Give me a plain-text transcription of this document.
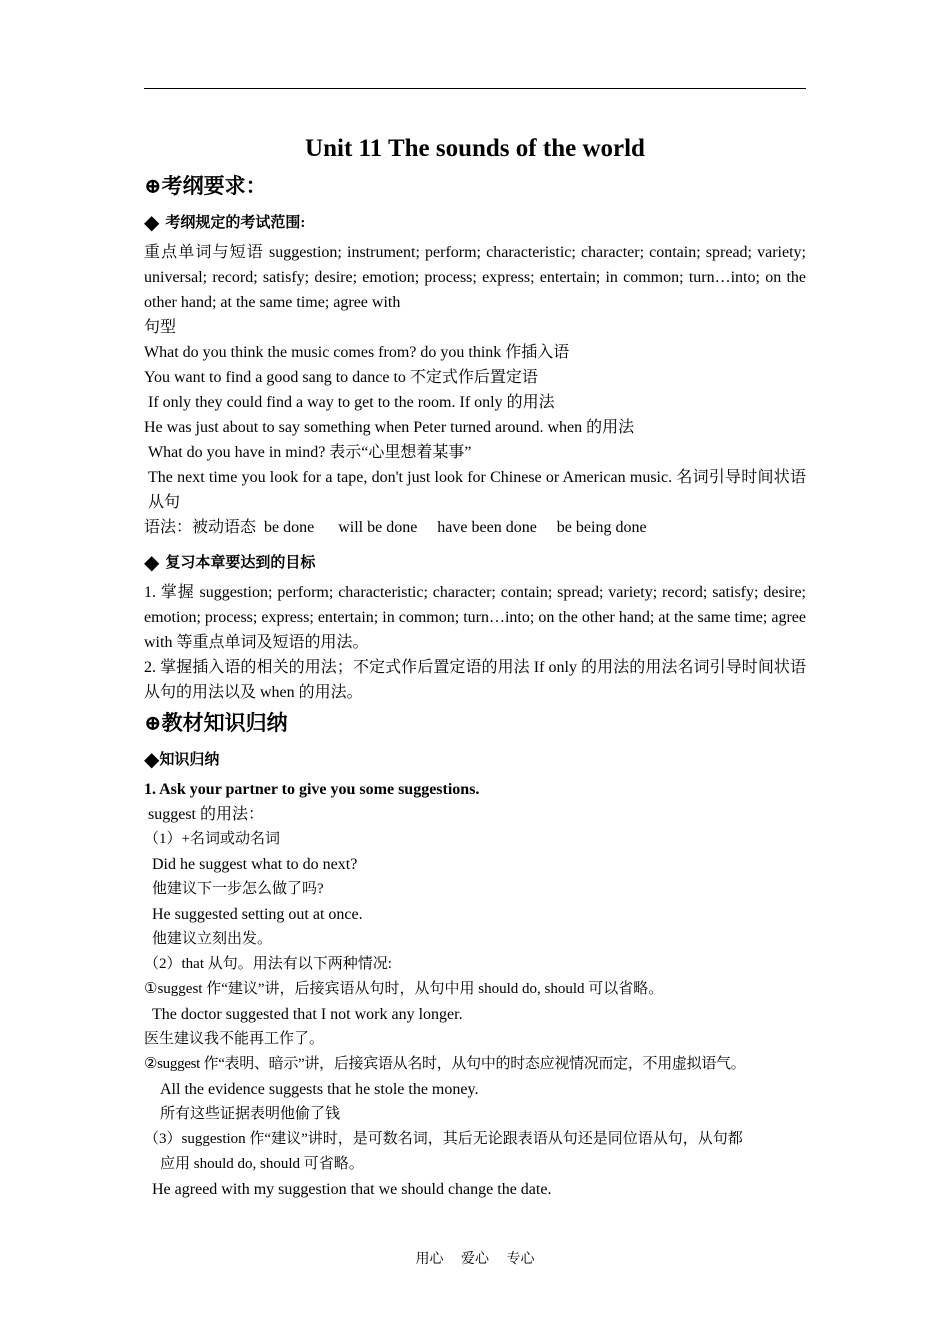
Unit 11 The sounds of the world
⊕考纲要求：
◆ 考纲规定的考试范围:

重点单词与短语 suggestion; instrument; perform; characteristic; character; contain; spread; variety; universal; record; satisfy; desire; emotion; process; express; entertain; in common; turn…into; on the other hand; at the same time; agree with

句型

What do you think the music comes from? do you think 作插入语

You want to find a good sang to dance to 不定式作后置定语

If only they could find a way to get to the room. If only 的用法

He was just about to say something when Peter turned around. when 的用法

What do you have in mind? 表示“心里想着某事”

The next time you look for a tape, don't just look for Chinese or American music. 名词引导时间状语从句

语法：被动语态  be done      will be done     have been done     be being done

◆ 复习本章要达到的目标

1. 掌握 suggestion; perform; characteristic; character; contain; spread; variety; record; satisfy; desire; emotion; process; express; entertain; in common; turn…into; on the other hand; at the same time; agree with 等重点单词及短语的用法。

2. 掌握插入语的相关的用法；不定式作后置定语的用法 If only 的用法的用法名词引导时间状语从句的用法以及 when 的用法。

⊕教材知识归纳
◆知识归纳

1. Ask your partner to give you some suggestions.

suggest 的用法：

（1）+名词或动名词

Did he suggest what to do next?

他建议下一步怎么做了吗?

He suggested setting out at once.

他建议立刻出发。

（2）that 从句。用法有以下两种情况:

①suggest 作“建议”讲，后接宾语从句时，从句中用 should do, should 可以省略。

The doctor suggested that I not work any longer.

医生建议我不能再工作了。

②suggest 作“表明、暗示”讲，后接宾语从名时，从句中的时态应视情况而定，不用虚拟语气。

All the evidence suggests that he stole the money.

所有这些证据表明他偷了钱

（3）suggestion 作“建议”讲时，是可数名词，其后无论跟表语从句还是同位语从句，从句都

应用 should do, should 可省略。

He agreed with my suggestion that we should change the date.

用心 爱心 专心
